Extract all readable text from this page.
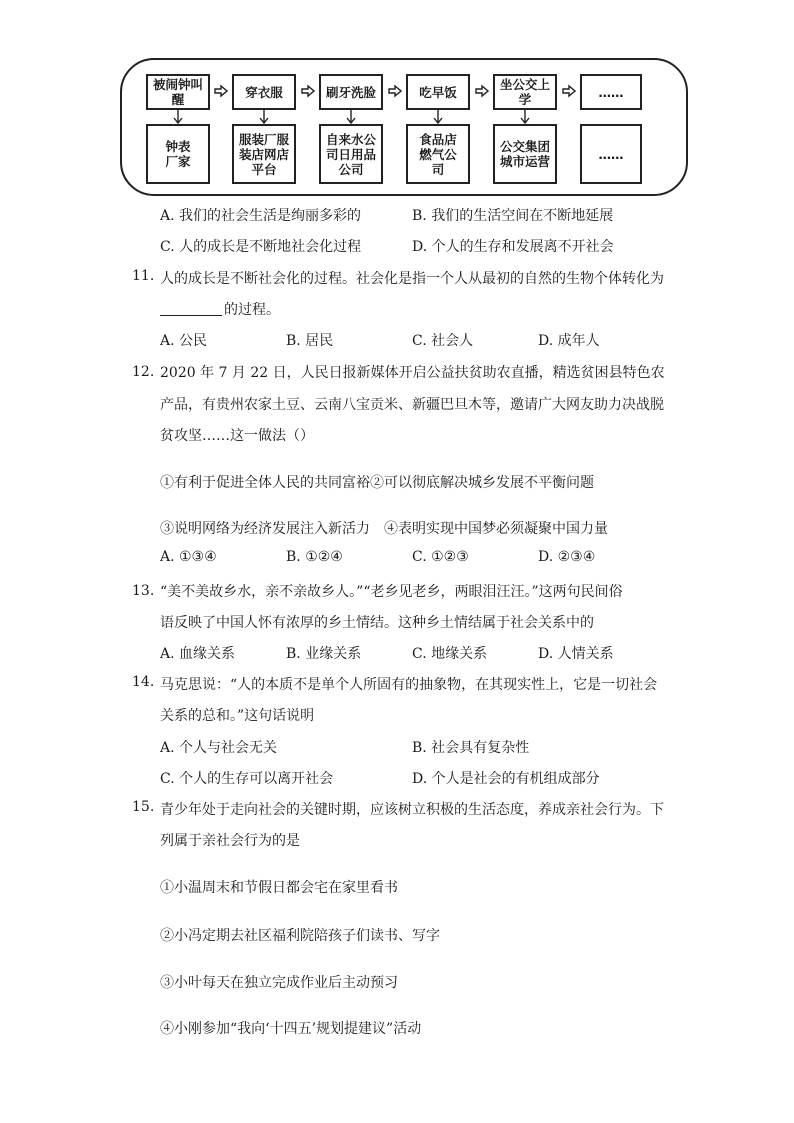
被闹钟叫醒	穿衣服	刷牙洗脸	吃早饭	坐公交上学	……
钟表厂家
服装厂服装店网店平台
自来水公司日用品公司
食品店燃气公司
公交集团城市运营	……
A. 我们的社会生活是绚丽多彩的	B. 我们的生活空间在不断地延展
C. 人的成长是不断地社会化过程	D. 个人的生存和发展离不开社会
11. 人的成长是不断社会化的过程。社会化是指一个人从最初的自然的生物个体转化为
的过程。
A. 公民	B. 居民	C. 社会人	D. 成年人
12. 2020 年 7 月 22 日，人民日报新媒体开启公益扶贫助农直播，精选贫困县特色农
产品，有贵州农家土豆、云南八宝贡米、新疆巴旦木等，邀请广大网友助力决战脱
贫攻坚……这一做法（）
①有利于促进全体人民的共同富裕②可以彻底解决城乡发展不平衡问题
③说明网络为经济发展注入新活力　④表明实现中国梦必须凝聚中国力量
A. ①③④	B. ①②④	C. ①②③	D. ②③④
13. “美不美故乡水，亲不亲故乡人。”“老乡见老乡，两眼泪汪汪。”这两句民间俗
语反映了中国人怀有浓厚的乡土情结。这种乡土情结属于社会关系中的
A. 血缘关系	B. 业缘关系	C. 地缘关系	D. 人情关系
14. 马克思说：“人的本质不是单个人所固有的抽象物，在其现实性上，它是一切社会
关系的总和。”这句话说明
A. 个人与社会无关	B. 社会具有复杂性
C. 个人的生存可以离开社会	D. 个人是社会的有机组成部分
15. 青少年处于走向社会的关键时期，应该树立积极的生活态度，养成亲社会行为。下
列属于亲社会行为的是
①小温周末和节假日都会宅在家里看书
②小冯定期去社区福利院陪孩子们读书、写字
③小叶每天在独立完成作业后主动预习
④小刚参加“我向‘十四五’规划提建议”活动
